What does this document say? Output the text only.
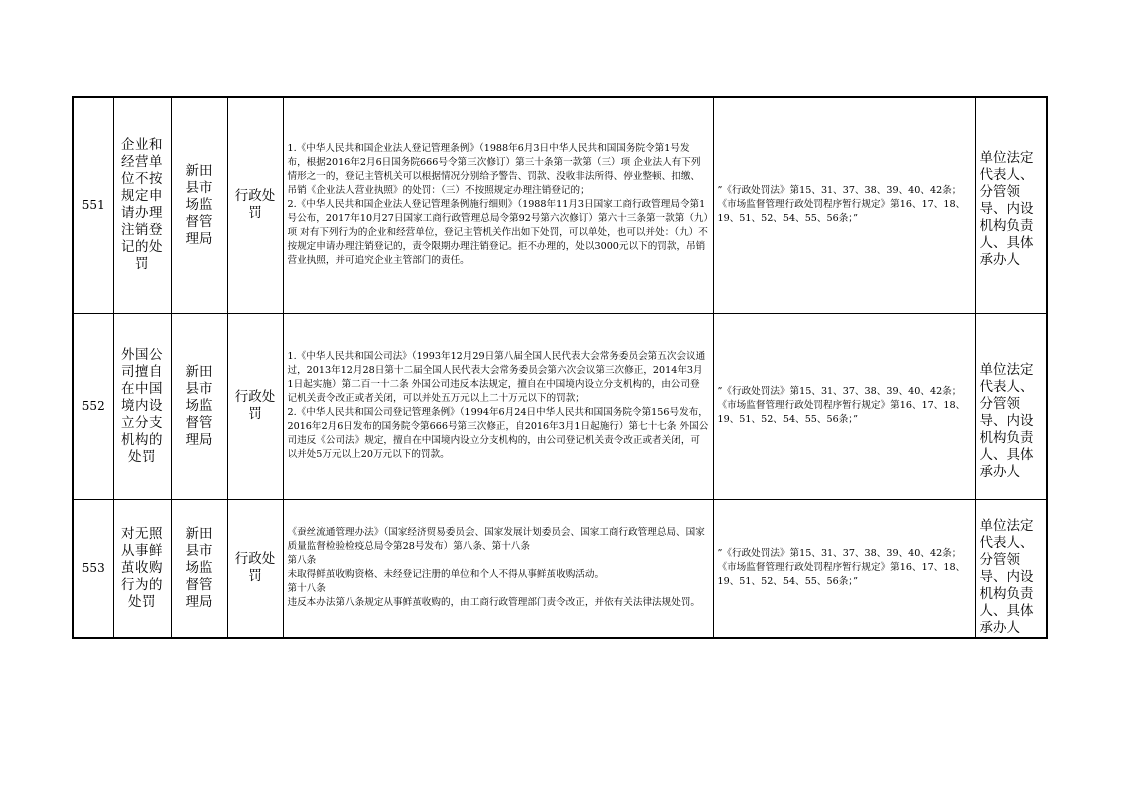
551	企业和经营单位不按规定申请办理注销登记的处罚	新田县市场监督管理局	行政处罚	1.《中华人民共和国企业法人登记管理条例》（1988年6月3日中华人民共和国国务院令第1号发布，根据2016年2月6日国务院666号令第三次修订）第三十条第一款第（三）项 企业法人有下列情形之一的，登记主管机关可以根据情况分别给予警告、罚款、没收非法所得、停业整顿、扣缴、吊销《企业法人营业执照》的处罚：（三）不按照规定办理注销登记的；

2.《中华人民共和国企业法人登记管理条例施行细则》（1988年11月3日国家工商行政管理局令第1号公布，2017年10月27日国家工商行政管理总局令第92号第六次修订）第六十三条第一款第（九）项 对有下列行为的企业和经营单位，登记主管机关作出如下处罚，可以单处，也可以并处：（九）不按规定申请办理注销登记的，责令限期办理注销登记。拒不办理的，处以3000元以下的罚款，吊销营业执照，并可追究企业主管部门的责任。	”《行政处罚法》第15、31、37、38、39、40、42条；《市场监督管理行政处罚程序暂行规定》第16、17、18、19、51、52、54、55、56条；”	单位法定代表人、分管领导、内设机构负责人、具体承办人
552	外国公司擅自在中国境内设立分支机构的处罚	新田县市场监督管理局	行政处罚	1.《中华人民共和国公司法》（1993年12月29日第八届全国人民代表大会常务委员会第五次会议通过，2013年12月28日第十二届全国人民代表大会常务委员会第六次会议第三次修正，2014年3月1日起实施）第二百一十二条 外国公司违反本法规定，擅自在中国境内设立分支机构的，由公司登记机关责令改正或者关闭，可以并处五万元以上二十万元以下的罚款；

2.《中华人民共和国公司登记管理条例》（1994年6月24日中华人民共和国国务院令第156号发布，2016年2月6日发布的国务院令第666号第三次修正，自2016年3月1日起施行）第七十七条 外国公司违反《公司法》规定，擅自在中国境内设立分支机构的，由公司登记机关责令改正或者关闭，可以并处5万元以上20万元以下的罚款。	”《行政处罚法》第15、31、37、38、39、40、42条；《市场监督管理行政处罚程序暂行规定》第16、17、18、19、51、52、54、55、56条；”	单位法定代表人、分管领导、内设机构负责人、具体承办人
553	对无照从事鲜茧收购行为的处罚	新田县市场监督管理局	行政处罚	《蚕丝流通管理办法》（国家经济贸易委员会、国家发展计划委员会、国家工商行政管理总局、国家质量监督检验检疫总局令第28号发布）第八条、第十八条

第八条

未取得鲜茧收购资格、未经登记注册的单位和个人不得从事鲜茧收购活动。

第十八条

违反本办法第八条规定从事鲜茧收购的，由工商行政管理部门责令改正，并依有关法律法规处罚。	”《行政处罚法》第15、31、37、38、39、40、42条；《市场监督管理行政处罚程序暂行规定》第16、17、18、19、51、52、54、55、56条；”	单位法定代表人、分管领导、内设机构负责人、具体承办人
